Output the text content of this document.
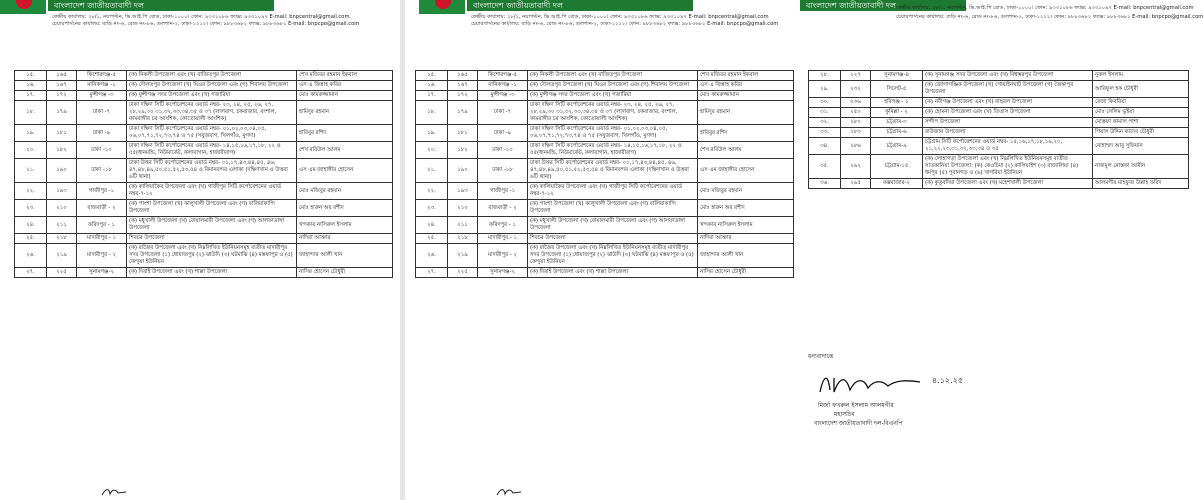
বাংলাদেশ জাতীয়তাবাদী দল
কেন্দ্রীয় কার্যালয়: ২৮/১, নয়াপল্টন, ভি.আই.পি রোড, ঢাকা-১০০০। ফোন: ৯৩৩১০৮৬ ফ্যাক্স: ৯৩৩১০৯৭ E-mail: bnpcentral@gmail.com
চেয়ারপার্সনের কার্যালয়: বাড়ি নং-৬, রোড নং-৮৬, গুলশান-২, ঢাকা-১২১২। ফোন: ৯৮৮৩৬৮২ ফ্যাক্স: ৯৮৮৩৬৮১ E-mail: bnpcpo@gmail.com
১৫.	১৬৫	কিশোরগঞ্জ-৫	(ক) নিকলী উপজেলা এবং (খ) বাজিতপুর উপজেলা	শেখ মজিবর রহমান ইকবাল
১৬.	১৬৭	মানিকগঞ্জ -১	(ক) দৌলতপুর উপজেলা (খ) ঘিওর উপজেলা এবং (গ) শিবালয় উপজেলা	এস এ জিন্নাহ কবির
১৭.	১৭২	মুন্সীগঞ্জ -৩	(ক) মুন্সীগঞ্জ সদর উপজেলা এবং (খ) গজারিয়া	মোঃ কামরুজ্জামান
১৮.	১৭৯	ঢাকা -৭	ঢাকা দক্ষিণ সিটি কর্পোরেশনের ওয়ার্ড নম্বর- ২৩, ২৪, ২৫, ২৬, ২৭, ২৮,২৯,৩০ ৩১,৩২,৩৩,৩৪,৩৫ ও ৩৭ (লালবাগ, চকবাজার, বংশাল, কামরাঙ্গীর চর আংশিক, কোতোয়ালী আংশিক)	হামিদুর রহমান
১৯.	১৮১	ঢাকা -৯	ঢাকা দক্ষিণ সিটি কর্পোরেশনের ওয়ার্ড নম্বর- ০১,০২,০৩,০৪,০৫, ০৬,০৭,৭১,৭২,৭৩,৭৪ ও ৭৫ (সবুজবাগ, খিলগাঁও, মুগদা)	হাবিবুর রশিদ
২০.	১৮২	ঢাকা -১০	ঢাকা দক্ষিণ সিটি কর্পোরেশনের ওয়ার্ড নম্বর- ১৪,১৫,১৬,১৭,১৮, ২২ ও ৫৫(ধানমন্ডি, নিউমার্কেট, কলাবাগান, হাজারীবাগ)	শেখ রবিউল আলম
২১.	১৯০	ঢাকা -১৮	ঢাকা উত্তর সিটি কর্পোরেশনের ওয়ার্ড নম্বর- ০১,১৭,৪৩,৪৪,৪৫, ৪৬, ৪৭,৪৮,৪৯,৫০,৫১,৫২,৫৩,৫৪ ও বিমানবন্দর এলাকা (দক্ষিণখান ও উত্তরা ৬টি থানা)	এস এম জাহাঙ্গীর হোসেন
২২.	১৯৩	গাজীপুর -১	(ক) কালিয়াকৈর উপজেলা এবং (খ) গাজীপুর সিটি কর্পোরেশনের ওয়ার্ড নম্বর-৭-১২	মোঃ মজিবুর রহমান
২৩.	২১০	রাজবাড়ী - ২	(ক) পাংশা উপজেলা (খ) কালুখালী উপজেলা এবং (গ) বালিয়াকান্দি উপজেলা	মোঃ হারুন অর রশীদ
২৪.	২১১	ফরিদপুর - ১	(ক) মধুখালী উপজেলা (খ) বোয়ালমারী উপজেলা এবং (গ) আলফাডাঙ্গা উপজেলা	খন্দকার নাসিরুল ইসলাম
২৫.	২১৮	মাদারীপুর - ১	শিবচর উপজেলা	নাদিরা আক্তার
২৬.	২১৯	মাদারীপুর - ২	(ক) রাজৈর উপজেলা এবং (খ) নিম্নলিখিত ইউনিয়নসমূহ ব্যতীত মাদারীপুর সদর উপজেলা (১) ধোয়াজপুর (২) ঝাউদি (৩) ঘটমাঝি (৪) মস্তফাপুর ও (৫) কেন্দুয়া ইউনিয়ন	জাহান্দার আলী খান
২৭.	২২৫	সুনামগঞ্জ-২	(ক) দিরাই উপজেলা এবং (খ) শাল্লা উপজেলা	নাসির হোসেন চৌধুরী
বাংলাদেশ জাতীয়তাবাদী দল
কেন্দ্রীয় কার্যালয়: ২৮/১, নয়াপল্টন, ভি.আই.পি রোড, ঢাকা-১০০০। ফোন: ৯৩৩১০৮৬ ফ্যাক্স: ৯৩৩১০৯৭ E-mail: bnpcentral@gmail.com
চেয়ারপার্সনের কার্যালয়: বাড়ি নং-৬, রোড নং-৮৬, গুলশান-২, ঢাকা-১২১২। ফোন: ৯৮৮৩৬৮২ ফ্যাক্স: ৯৮৮৩৬৮১ E-mail: bnpcpo@gmail.com
১৫.	১৬৫	কিশোরগঞ্জ-৫	(ক) নিকলী উপজেলা এবং (খ) বাজিতপুর উপজেলা	শেখ মজিবর রহমান ইকবাল
১৬.	১৬৭	মানিকগঞ্জ -১	(ক) দৌলতপুর উপজেলা (খ) ঘিওর উপজেলা এবং (গ) শিবালয় উপজেলা	এস এ জিন্নাহ কবির
১৭.	১৭২	মুন্সীগঞ্জ -৩	(ক) মুন্সীগঞ্জ সদর উপজেলা এবং (খ) গজারিয়া	মোঃ কামরুজ্জামান
১৮.	১৭৯	ঢাকা -৭	ঢাকা দক্ষিণ সিটি কর্পোরেশনের ওয়ার্ড নম্বর- ২৩, ২৪, ২৫, ২৬, ২৭, ২৮,২৯,৩০ ৩১,৩২,৩৩,৩৪,৩৫ ও ৩৭ (লালবাগ, চকবাজার, বংশাল, কামরাঙ্গীর চর আংশিক, কোতোয়ালী আংশিক)	হামিদুর রহমান
১৯.	১৮১	ঢাকা -৯	ঢাকা দক্ষিণ সিটি কর্পোরেশনের ওয়ার্ড নম্বর- ০১,০২,০৩,০৪,০৫, ০৬,০৭,৭১,৭২,৭৩,৭৪ ও ৭৫ (সবুজবাগ, খিলগাঁও, মুগদা)	হাবিবুর রশিদ
২০.	১৮২	ঢাকা -১০	ঢাকা দক্ষিণ সিটি কর্পোরেশনের ওয়ার্ড নম্বর- ১৪,১৫,১৬,১৭,১৮, ২২ ও ৫৫(ধানমন্ডি, নিউমার্কেট, কলাবাগান, হাজারীবাগ)	শেখ রবিউল আলম
২১.	১৯০	ঢাকা -১৮	ঢাকা উত্তর সিটি কর্পোরেশনের ওয়ার্ড নম্বর- ০১,১৭,৪৩,৪৪,৪৫, ৪৬, ৪৭,৪৮,৪৯,৫০,৫১,৫২,৫৩,৫৪ ও বিমানবন্দর এলাকা (দক্ষিণখান ও উত্তরা ৬টি থানা)	এস এম জাহাঙ্গীর হোসেন
২২.	১৯৩	গাজীপুর -১	(ক) কালিয়াকৈর উপজেলা এবং (খ) গাজীপুর সিটি কর্পোরেশনের ওয়ার্ড নম্বর-৭-১২	মোঃ মজিবুর রহমান
২৩.	২১০	রাজবাড়ী - ২	(ক) পাংশা উপজেলা (খ) কালুখালী উপজেলা এবং (গ) বালিয়াকান্দি উপজেলা	মোঃ হারুন অর রশীদ
২৪.	২১১	ফরিদপুর - ১	(ক) মধুখালী উপজেলা (খ) বোয়ালমারী উপজেলা এবং (গ) আলফাডাঙ্গা উপজেলা	খন্দকার নাসিরুল ইসলাম
২৫.	২১৮	মাদারীপুর - ১	শিবচর উপজেলা	নাদিরা আক্তার
২৬.	২১৯	মাদারীপুর - ২	(ক) রাজৈর উপজেলা এবং (খ) নিম্নলিখিত ইউনিয়নসমূহ ব্যতীত মাদারীপুর সদর উপজেলা (১) ধোয়াজপুর (২) ঝাউদি (৩) ঘটমাঝি (৪) মস্তফাপুর ও (৫) কেন্দুয়া ইউনিয়ন	জাহান্দার আলী খান
২৭.	২২৫	সুনামগঞ্জ-২	(ক) দিরাই উপজেলা এবং (খ) শাল্লা উপজেলা	নাসির হোসেন চৌধুরী
বাংলাদেশ জাতীয়তাবাদী দল কেন্দ্রীয় কার্যালয়: ২৮/১, নয়াপল্টন, ভি.আই.পি রোড, ঢাকা-১০০০। ফোন: ৯৩৩১০৮৬ ফ্যাক্স: ৯৩৩১০৯৭ E-mail: bnpcentral@gmail.com
চেয়ারপার্সনের কার্যালয়: বাড়ি নং-৬, রোড নং-৮৬, গুলশান-২, ঢাকা-১২১২। ফোন: ৯৮৮৩৬৮২ ফ্যাক্স: ৯৮৮৩৬৮১ E-mail: bnpcpo@gmail.com
২৮.	২২৭	সুনামগঞ্জ-৪	(ক) সুনামগঞ্জ সদর উপজেলা এবং (খ) বিশ্বম্ভরপুর উপজেলা	নুরুল ইসলাম
২৯.	২৩২	সিলেট-৫	(ক) জোগাগঞ্জিক উপজেলা (খ) গোয়াইনঘাট উপজেলা (গ) জৈন্তাপুর উপজেলা	আরিফুল হক চৌধুরী
৩০.	২৩৬	হবিগঞ্জ - ১	(ক) নবীগঞ্জ উপজেলা এবং (খ) বাহুবল উপজেলা	রেজা কিবরিয়া
৩১.	২৫০	কুমিল্লা - ২	(ক) হোমনা উপজেলা এবং (খ) তিতাস উপজেলা	মোঃ সেলিম ভূইয়া
৩২.	২৮০	চট্টগ্রাম-৩	সন্দীপ উপজেলা	মোস্তফা কামাল পাশা
৩৩.	২৮৩	চট্টগ্রাম-৬	রাউজান উপজেলা	গিয়াস উদ্দিন কাদের চৌধুরী
৩৪.	২৮৬	চট্টগ্রাম-৯	চট্টগ্রাম সিটি কর্পোরেশনের ওয়ার্ড নম্বর- ১৫,১৬,১৭,১৮,১৯,২০, ২১,২২,২৩,৩১,৩২,৩৩,৩৪ ও ৩৫	মোহাম্মদ আবু সুফিয়ান
৩৫.	২৯২	চট্টগ্রাম-১৫	(ক) লোহাগড়া উপজেলা এবং (খ) নিম্নলিখিত ইউনিয়নসমূহ ব্যতীত সাতকানিয়া উপজেলা: (ক) কেওচিয়া (২) কালিয়াইশ (৩) বাজালিয়া (৪) ধর্মপুর (৫) পুরানগড় ও (৬) খাগরিয়া ইউনিয়ন	নাজমুল মোস্তফা আমীন
৩৬.	২৯৫	কক্সবাজার-২	(ক) কুতুবদিয়া উপজেলা এবং (খ) মহেশখালী উপজেলা	আলমগীর মাহফুজ উল্লাহ ফরিদ
ধন্যবাদান্তে
৪.১২.২৫
মির্জা ফখরুল ইসলাম আলমগীর
মহাসচিব
বাংলাদেশ জাতীয়তাবাদী দল-বিএনপি
